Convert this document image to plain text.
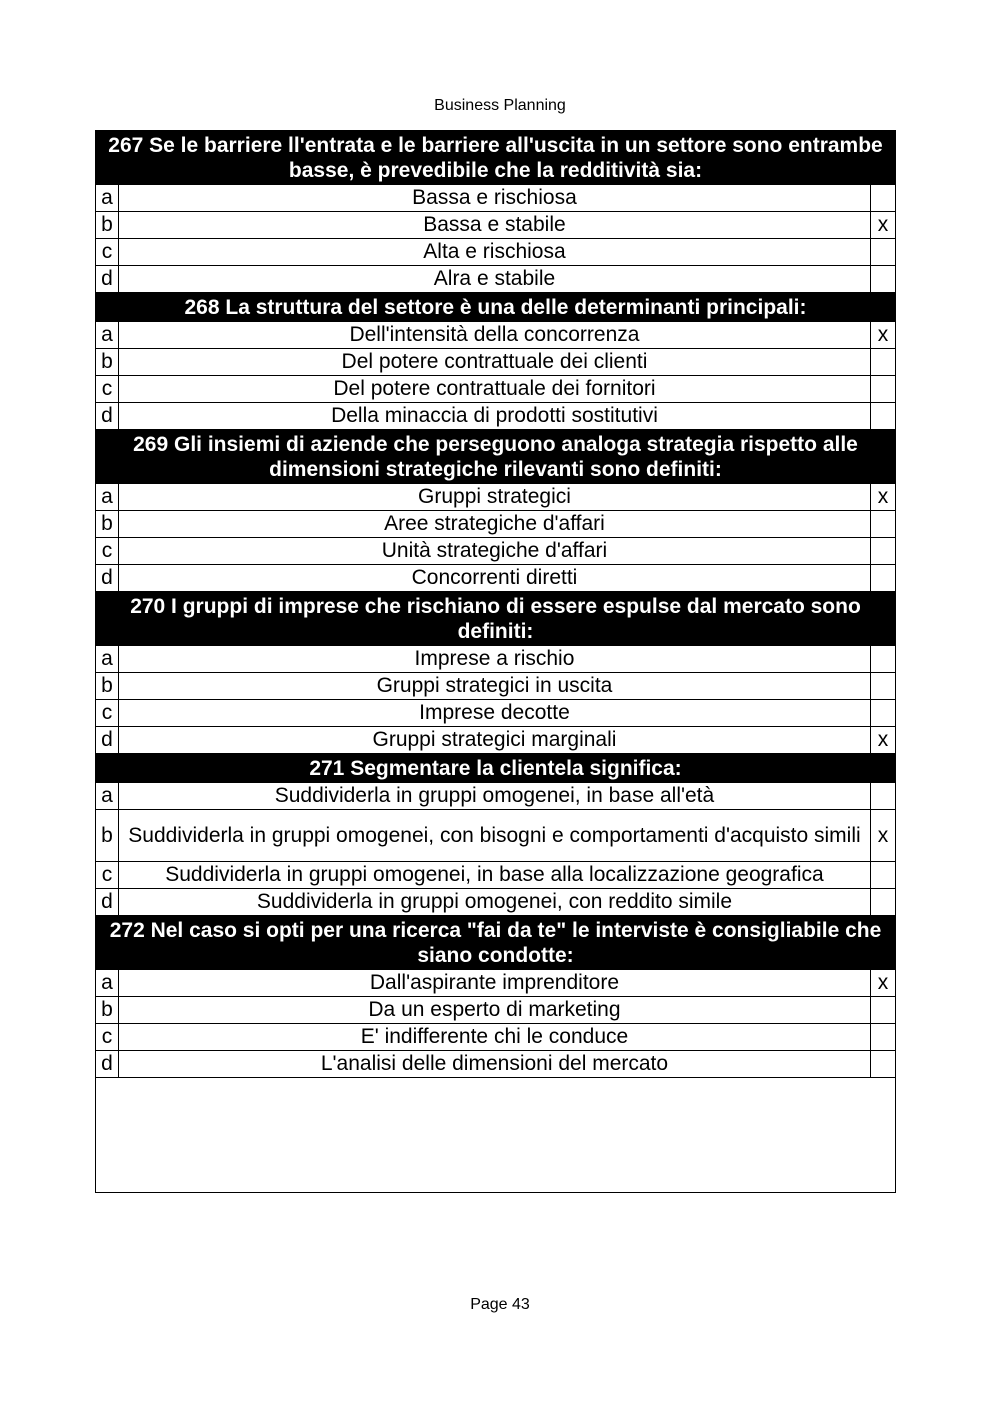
Business Planning
267 Se le barriere ll'entrata e le barriere all'uscita in un settore sono entrambe basse, è prevedibile che la redditività sia:		
a	Bassa e rischiosa	
b	Bassa e stabile	x
c	Alta e rischiosa	
d	Alra e stabile	
268 La struttura del settore è una delle determinanti principali:		
a	Dell'intensità della concorrenza	x
b	Del potere contrattuale dei clienti	
c	Del potere contrattuale dei fornitori	
d	Della minaccia di prodotti sostitutivi	
269 Gli insiemi di aziende che perseguono analoga strategia rispetto alle dimensioni strategiche rilevanti sono definiti:		
a	Gruppi strategici	x
b	Aree strategiche d'affari	
c	Unità strategiche d'affari	
d	Concorrenti diretti	
270 I gruppi di imprese che rischiano di essere espulse dal mercato sono definiti:		
a	Imprese a rischio	
b	Gruppi strategici in uscita	
c	Imprese decotte	
d	Gruppi strategici marginali	x
271 Segmentare la clientela significa:		
a	Suddividerla in gruppi omogenei, in base all'età	
b	Suddividerla in gruppi omogenei, con bisogni e comportamenti d'acquisto simili	x
c	Suddividerla in gruppi omogenei, in base alla localizzazione geografica	
d	Suddividerla in gruppi omogenei, con reddito simile	
272 Nel caso si opti per una ricerca "fai da te" le interviste è consigliabile che siano condotte:		
a	Dall'aspirante imprenditore	x
b	Da un esperto di marketing	
c	E' indifferente chi le conduce	
d	L'analisi delle dimensioni del mercato	

Page 43
